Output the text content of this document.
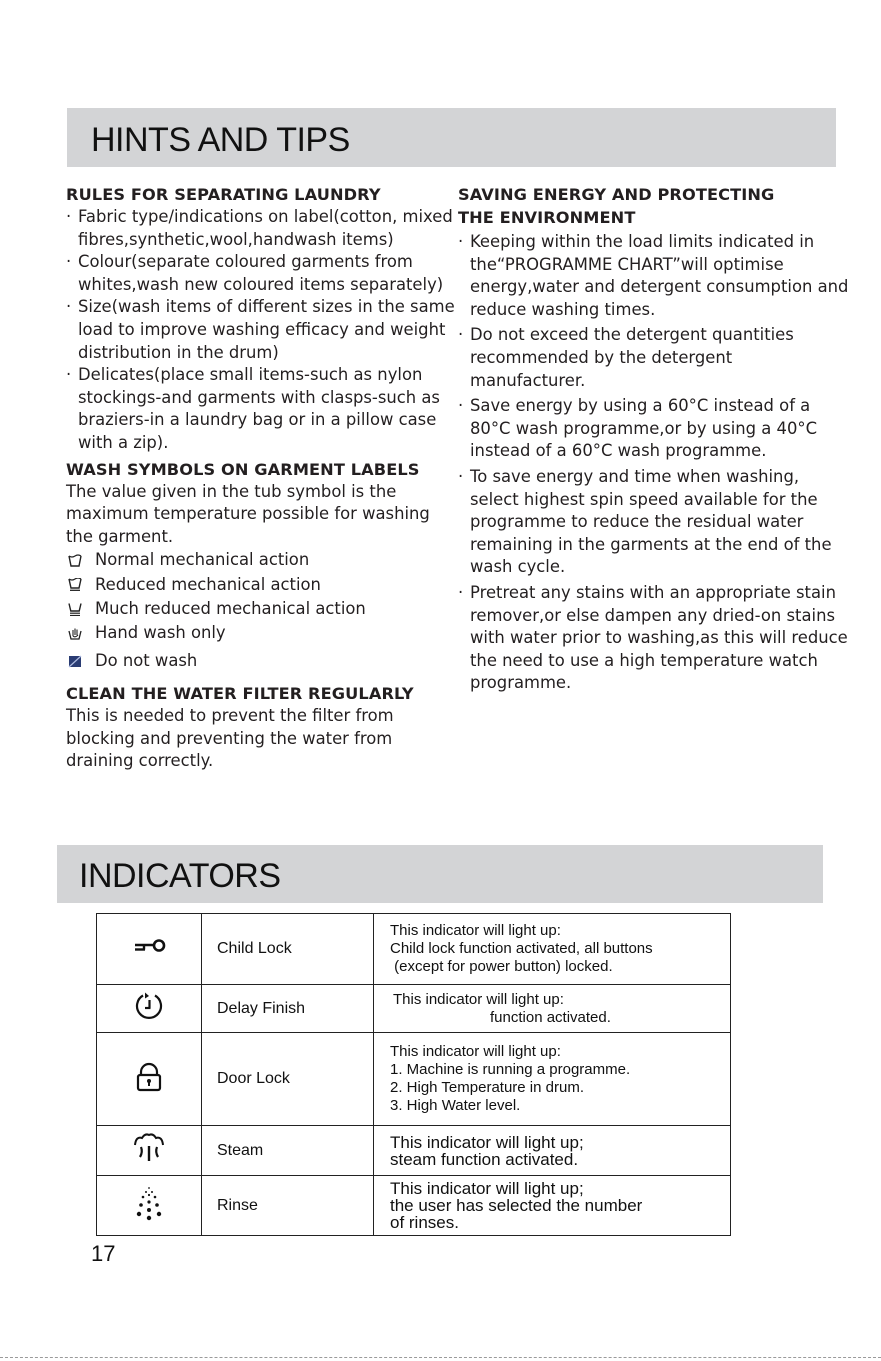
HINTS AND TIPS
RULES FOR SEPARATING LAUNDRY
· Fabric type/indications on label(cotton, mixed fibres,synthetic,wool,handwash items)
· Colour(separate coloured garments from whites,wash new coloured items separately)
· Size(wash items of different sizes in the same load to improve washing efficacy and weight distribution in the drum)
· Delicates(place small items-such as nylon stockings-and garments with clasps-such as braziers-in a laundry bag or in a pillow case with a zip).
WASH SYMBOLS ON GARMENT LABELS

The value given in the tub symbol is the maximum temperature possible for washing the garment.

Normal mechanical action
Reduced mechanical action
Much reduced mechanical action
Hand wash only
Do not wash
CLEAN THE WATER FILTER REGULARLY

This is needed to prevent the filter from blocking and preventing the water from draining correctly.

SAVING ENERGY AND PROTECTING
THE ENVIRONMENT
· Keeping within the load limits indicated in the“PROGRAMME CHART”will optimise energy,water and detergent consumption and reduce washing times.
· Do not exceed the detergent quantities recommended by the detergent manufacturer.
· Save energy by using a 60°C instead of a 80°C wash programme,or by using a 40°C instead of a 60°C wash programme.
· To save energy and time when washing, select highest spin speed available for the programme to reduce the residual water remaining in the garments at the end of the wash cycle.
· Pretreat any stains with an appropriate stain remover,or else dampen any dried-on stains with water prior to washing,as this will reduce the need to use a high temperature watch programme.
INDICATORS
	Child Lock	This indicator will light up:
Child lock function activated, all buttons
(except for power button) locked.

	Delay Finish	This indicator will light up:
function activated.

	Door Lock	This indicator will light up:
1. Machine is running a programme.
2. High Temperature in drum.
3. High Water level.

	Steam	This indicator will light up;
steam function activated.

	Rinse	This indicator will light up;
the user has selected the number
of rinses.
17
